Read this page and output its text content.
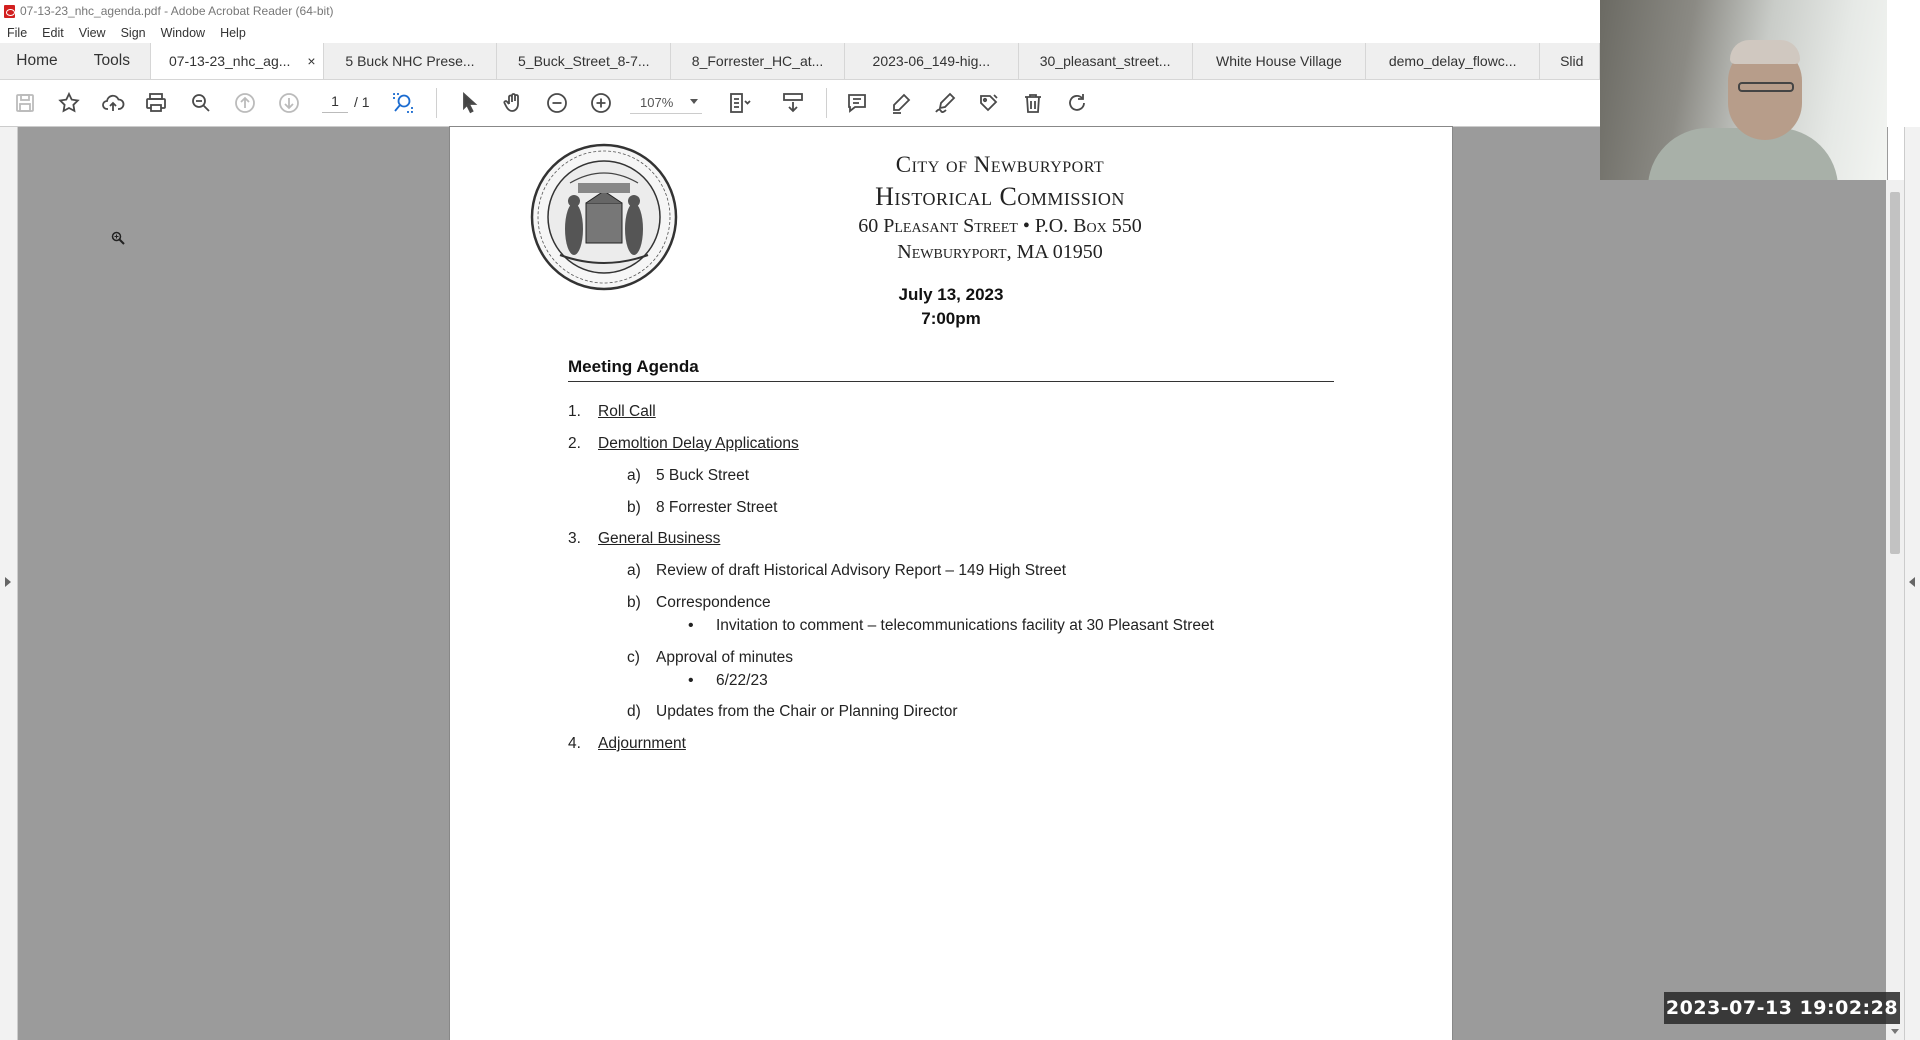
07-13-23_nhc_agenda.pdf - Adobe Acrobat Reader (64-bit)
File Edit View Sign Window Help
Home	Tools	07-13-23_nhc_ag... ×	5 Buck NHC Prese...	5_Buck_Street_8-7...	8_Forrester_HC_at...	2023-06_149-hig...	30_pleasant_street...	White House Village	demo_delay_flowc...	Slid
1	/ 1	107%
City of Newburyport
Historical Commission
60 Pleasant Street • P.O. Box 550
Newburyport, MA 01950
July 13, 2023
7:00pm
Meeting Agenda
1. Roll Call
2. Demoltion Delay Applications
a) 5 Buck Street
b) 8 Forrester Street
3. General Business
a) Review of draft Historical Advisory Report – 149 High Street
b) Correspondence
• Invitation to comment – telecommunications facility at 30 Pleasant Street
c) Approval of minutes
• 6/22/23
d) Updates from the Chair or Planning Director
4. Adjournment
2023-07-13 19:02:28
